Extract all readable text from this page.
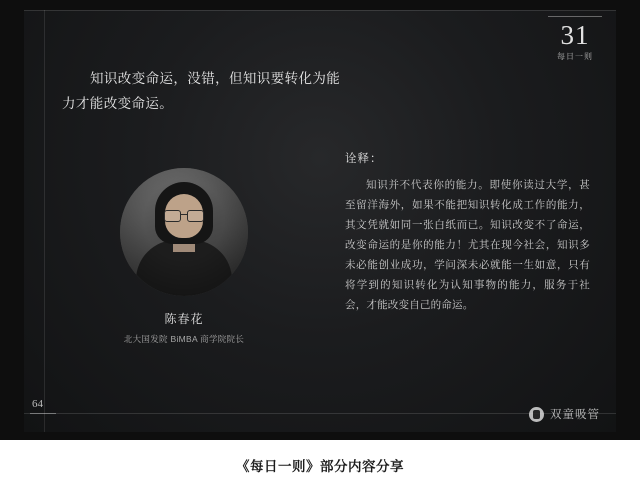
31
每日一则
知识改变命运，没错，但知识要转化为能
力才能改变命运。
陈春花
北大国发院 BiMBA 商学院院长
诠释：
知识并不代表你的能力。即使你读过大学，甚至留洋海外，如果不能把知识转化成工作的能力，其文凭就如同一张白纸而已。知识改变不了命运，改变命运的是你的能力！尤其在现今社会，知识多未必能创业成功，学问深未必就能一生如意，只有将学到的知识转化为认知事物的能力，服务于社会，才能改变自己的命运。
64
双童吸管
《每日一则》部分内容分享
